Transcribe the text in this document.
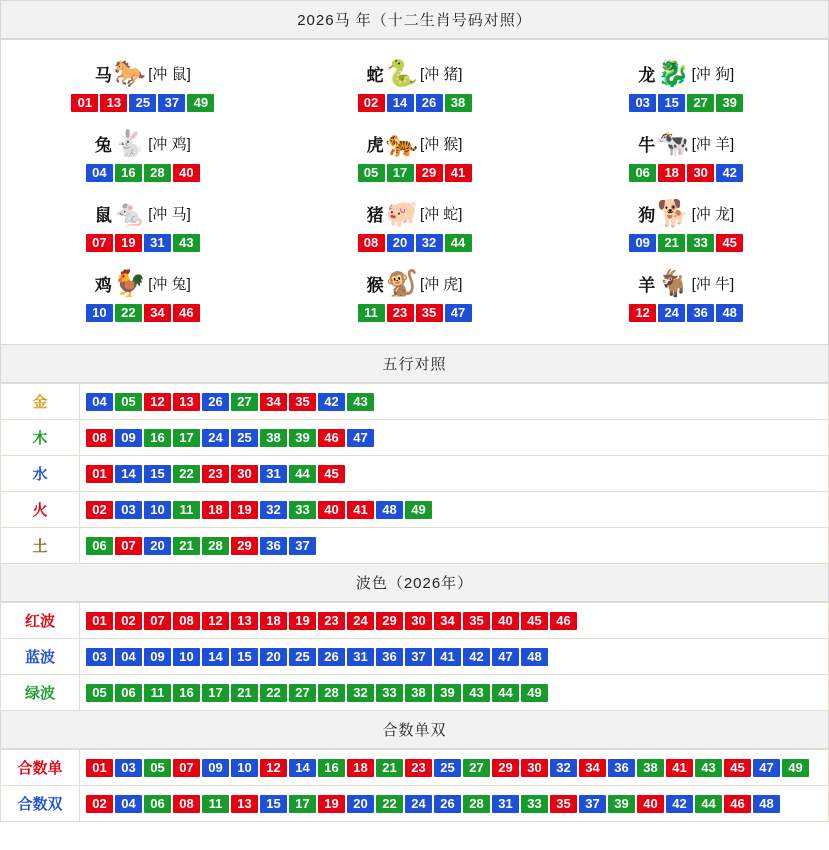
2026马 年（十二生肖号码对照）
马 🐎 [冲 鼠]
01	13	25	37	49
蛇 🐍 [冲 猪]
02	14	26	38
龙 🐉 [冲 狗]
03	15	27	39
兔 🐇 [冲 鸡]
04	16	28	40
虎 🐅 [冲 猴]
05	17	29	41
牛 🐄 [冲 羊]
06	18	30	42
鼠 🐁 [冲 马]
07	19	31	43
猪 🐖 [冲 蛇]
08	20	32	44
狗 🐕 [冲 龙]
09	21	33	45
鸡 🐓 [冲 兔]
10	22	34	46
猴 🐒 [冲 虎]
11	23	35	47
羊 🐐 [冲 牛]
12	24	36	48
五行对照
金	04	05	12	13	26	27	34	35	42	43

木	08	09	16	17	24	25	38	39	46	47

水	01	14	15	22	23	30	31	44	45

火	02	03	10	11	18	19	32	33	40	41	48	49

土	06	07	20	21	28	29	36	37
波色（2026年）
红波	01	02	07	08	12	13	18	19	23	24	29	30	34	35	40	45	46

蓝波	03	04	09	10	14	15	20	25	26	31	36	37	41	42	47	48

绿波	05	06	11	16	17	21	22	27	28	32	33	38	39	43	44	49
合数单双
合数单	01	03	05	07	09	10	12	14	16	18	21	23	25	27	29	30	32	34	36	38	41	43	45	47	49

合数双	02	04	06	08	11	13	15	17	19	20	22	24	26	28	31	33	35	37	39	40	42	44	46	48
